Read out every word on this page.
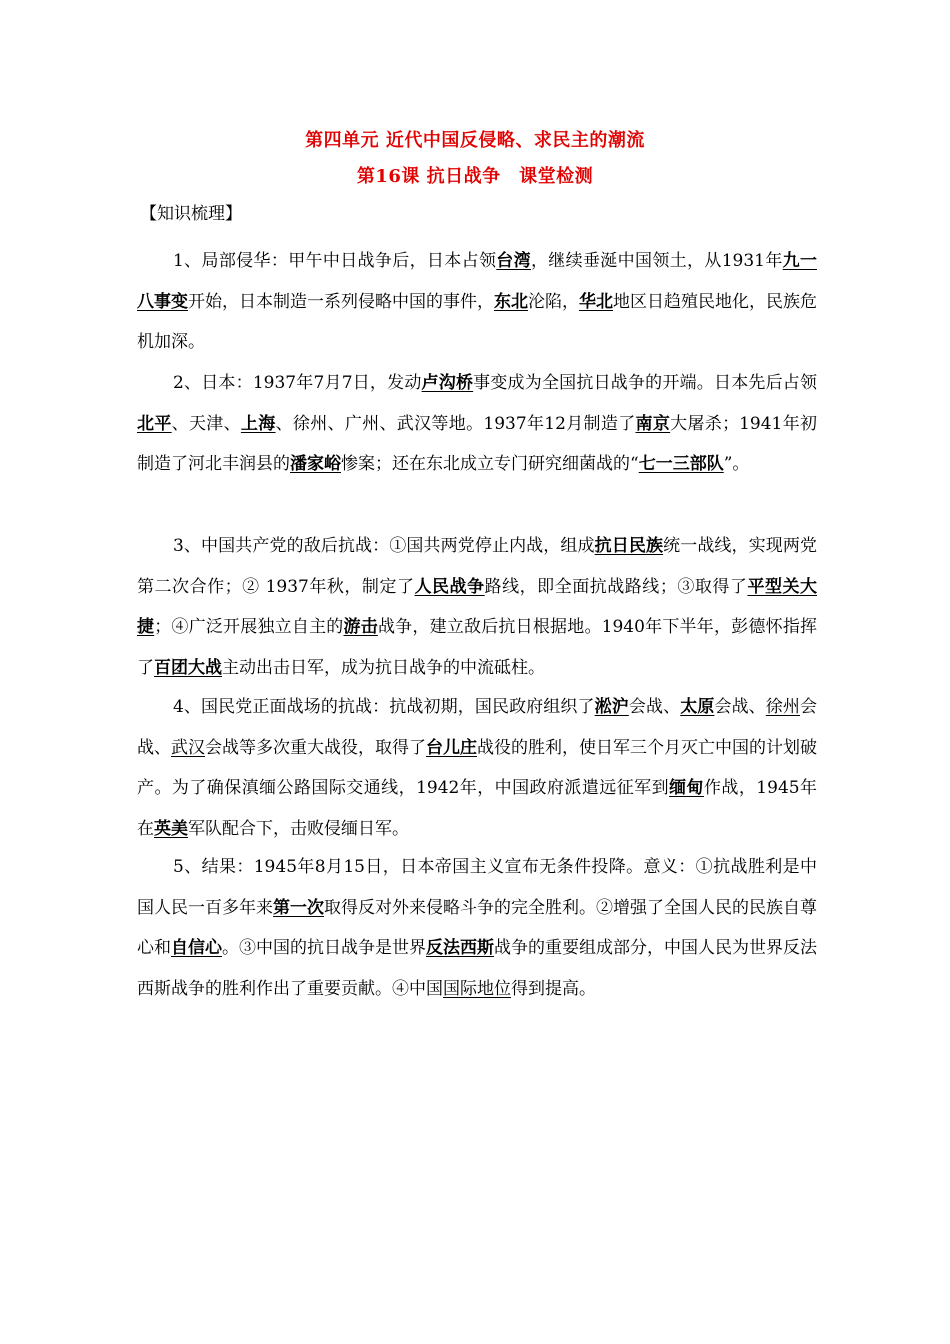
第四单元 近代中国反侵略、求民主的潮流
第16课 抗日战争　课堂检测
【知识梳理】

1、局部侵华：甲午中日战争后，日本占领台湾，继续垂涎中国领土，从1931年九一八事变开始，日本制造一系列侵略中国的事件，东北沦陷，华北地区日趋殖民地化，民族危机加深。

2、日本：1937年7月7日，发动卢沟桥事变成为全国抗日战争的开端。日本先后占领北平、天津、上海、徐州、广州、武汉等地。1937年12月制造了南京大屠杀；1941年初制造了河北丰润县的潘家峪惨案；还在东北成立专门研究细菌战的“七一三部队”。

3、中国共产党的敌后抗战：①国共两党停止内战，组成抗日民族统一战线，实现两党第二次合作；② 1937年秋，制定了人民战争路线，即全面抗战路线；③取得了平型关大捷；④广泛开展独立自主的游击战争，建立敌后抗日根据地。1940年下半年，彭德怀指挥了百团大战主动出击日军，成为抗日战争的中流砥柱。

4、国民党正面战场的抗战：抗战初期，国民政府组织了淞沪会战、太原会战、徐州会战、武汉会战等多次重大战役，取得了台儿庄战役的胜利，使日军三个月灭亡中国的计划破产。为了确保滇缅公路国际交通线，1942年，中国政府派遣远征军到缅甸作战，1945年在英美军队配合下，击败侵缅日军。

5、结果：1945年8月15日，日本帝国主义宣布无条件投降。意义：①抗战胜利是中国人民一百多年来第一次取得反对外来侵略斗争的完全胜利。②增强了全国人民的民族自尊心和自信心。③中国的抗日战争是世界反法西斯战争的重要组成部分，中国人民为世界反法西斯战争的胜利作出了重要贡献。④中国国际地位得到提高。
